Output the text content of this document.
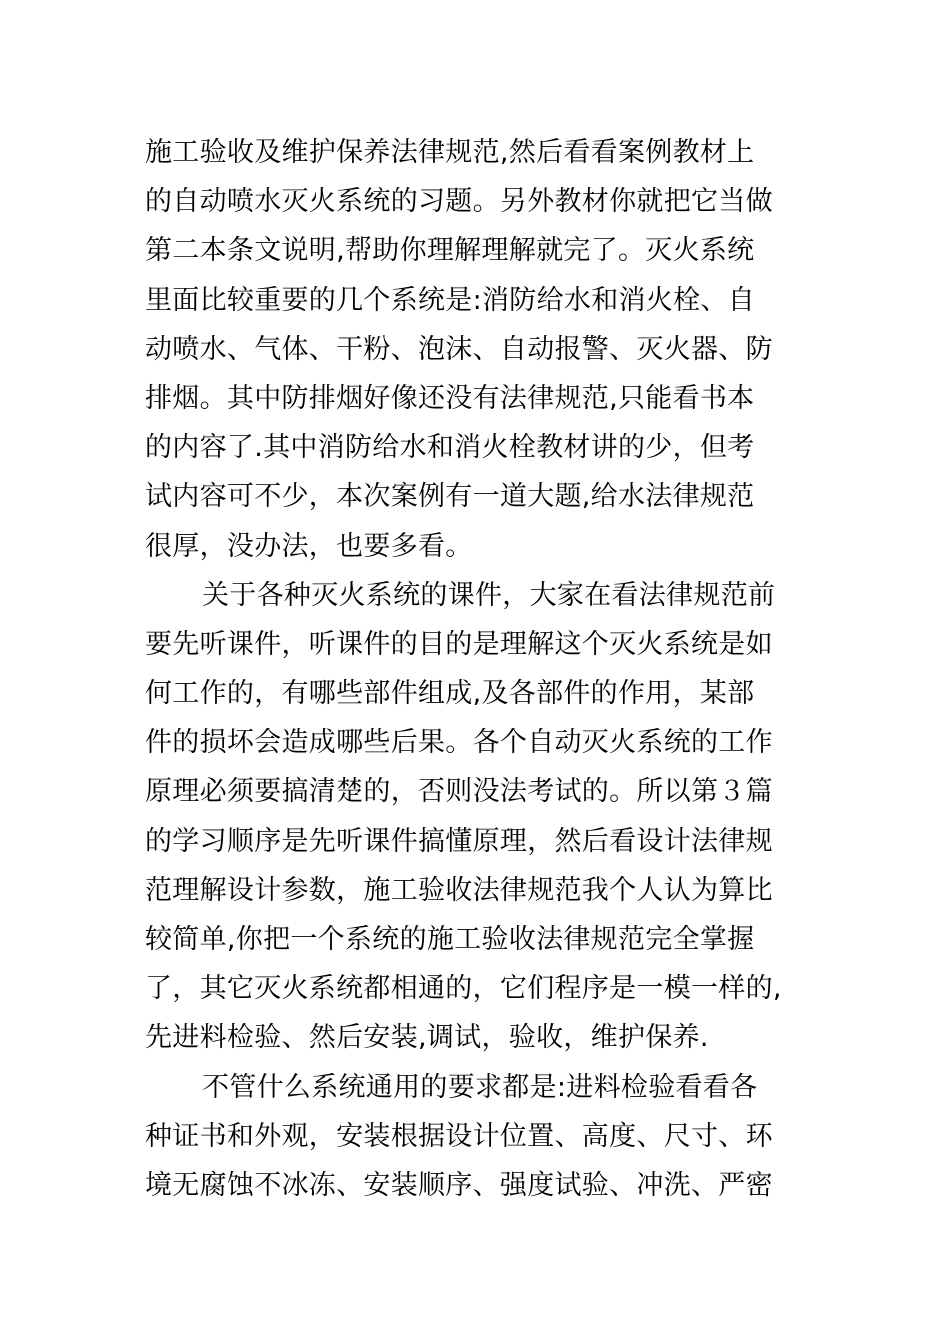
施工验收及维护保养法律规范,然后看看案例教材上
的自动喷水灭火系统的习题。另外教材你就把它当做
第二本条文说明,帮助你理解理解就完了。灭火系统
里面比较重要的几个系统是:消防给水和消火栓、自
动喷水、气体、干粉、泡沫、自动报警、灭火器、防
排烟。其中防排烟好像还没有法律规范,只能看书本
的内容了.其中消防给水和消火栓教材讲的少，但考
试内容可不少，本次案例有一道大题,给水法律规范
很厚，没办法，也要多看。
关于各种灭火系统的课件，大家在看法律规范前
要先听课件，听课件的目的是理解这个灭火系统是如
何工作的，有哪些部件组成,及各部件的作用，某部
件的损坏会造成哪些后果。各个自动灭火系统的工作
原理必须要搞清楚的，否则没法考试的。所以第３篇
的学习顺序是先听课件搞懂原理，然后看设计法律规
范理解设计参数，施工验收法律规范我个人认为算比
较简单,你把一个系统的施工验收法律规范完全掌握
了，其它灭火系统都相通的，它们程序是一模一样的,
先进料检验、然后安装,调试，验收，维护保养.
不管什么系统通用的要求都是:进料检验看看各
种证书和外观，安装根据设计位置、高度、尺寸、环
境无腐蚀不冰冻、安装顺序、强度试验、冲洗、严密
